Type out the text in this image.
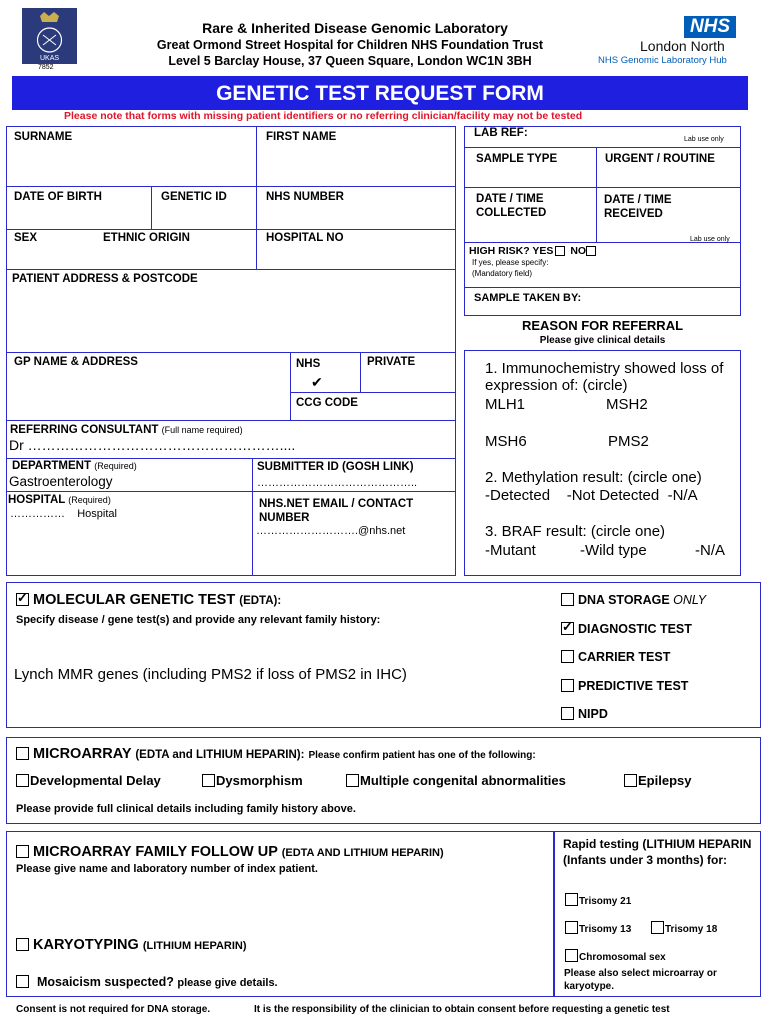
UKAS
7852
Rare & Inherited Disease Genomic Laboratory
Great Ormond Street Hospital for Children NHS Foundation Trust
Level 5 Barclay House, 37 Queen Square, London WC1N 3BH
NHS
London North
NHS Genomic Laboratory Hub
GENETIC TEST REQUEST FORM
Please note that forms with missing patient identifiers or no referring clinician/facility may not be tested
SURNAME	FIRST NAME
DATE OF BIRTH	GENETIC ID	NHS NUMBER
SEX	ETHNIC ORIGIN	HOSPITAL NO
PATIENT ADDRESS & POSTCODE
GP NAME & ADDRESS	NHS
✔
PRIVATE
CCG CODE
REFERRING CONSULTANT (Full name required)
Dr ………………………………………………....
DEPARTMENT (Required)
Gastroenterology
SUBMITTER ID (GOSH LINK)
……………………………………..
HOSPITAL (Required)
……………    Hospital
NHS.NET EMAIL / CONTACT NUMBER
……………………….@nhs.net
LAB REF:
Lab use only
SAMPLE TYPE	URGENT / ROUTINE
DATE / TIME
COLLECTED
DATE / TIME
RECEIVED
Lab use only
HIGH RISK? YES NO
If yes, please specify:
(Mandatory field)
SAMPLE TAKEN BY:
REASON FOR REFERRAL
Please give clinical details
1. Immunochemistry showed loss of expression of: (circle)
MLH1	MSH2
MSH6	PMS2
2. Methylation result: (circle one)
-Detected    -Not Detected  -N/A
3. BRAF result: (circle one)
-Mutant	-Wild type	-N/A
✓MOLECULAR GENETIC TEST (EDTA):
Specify disease / gene test(s) and provide any relevant family history:
Lynch MMR genes (including PMS2 if loss of PMS2 in IHC)
DNA STORAGE ONLY
✓DIAGNOSTIC TEST
CARRIER TEST
PREDICTIVE TEST
NIPD
MICROARRAY (EDTA and LITHIUM HEPARIN): Please confirm patient has one of the following:
Developmental Delay	Dysmorphism	Multiple congenital abnormalities	Epilepsy
Please provide full clinical details including family history above.
MICROARRAY FAMILY FOLLOW UP (EDTA AND LITHIUM HEPARIN)
Please give name and laboratory number of index patient.
KARYOTYPING (LITHIUM HEPARIN)
Mosaicism suspected? please give details.
Rapid testing (LITHIUM HEPARIN (Infants under 3 months) for:
Trisomy 21
Trisomy 13	Trisomy 18
Chromosomal sex
Please also select microarray or karyotype.
Consent is not required for DNA storage.	It is the responsibility of the clinician to obtain consent before requesting a genetic test
